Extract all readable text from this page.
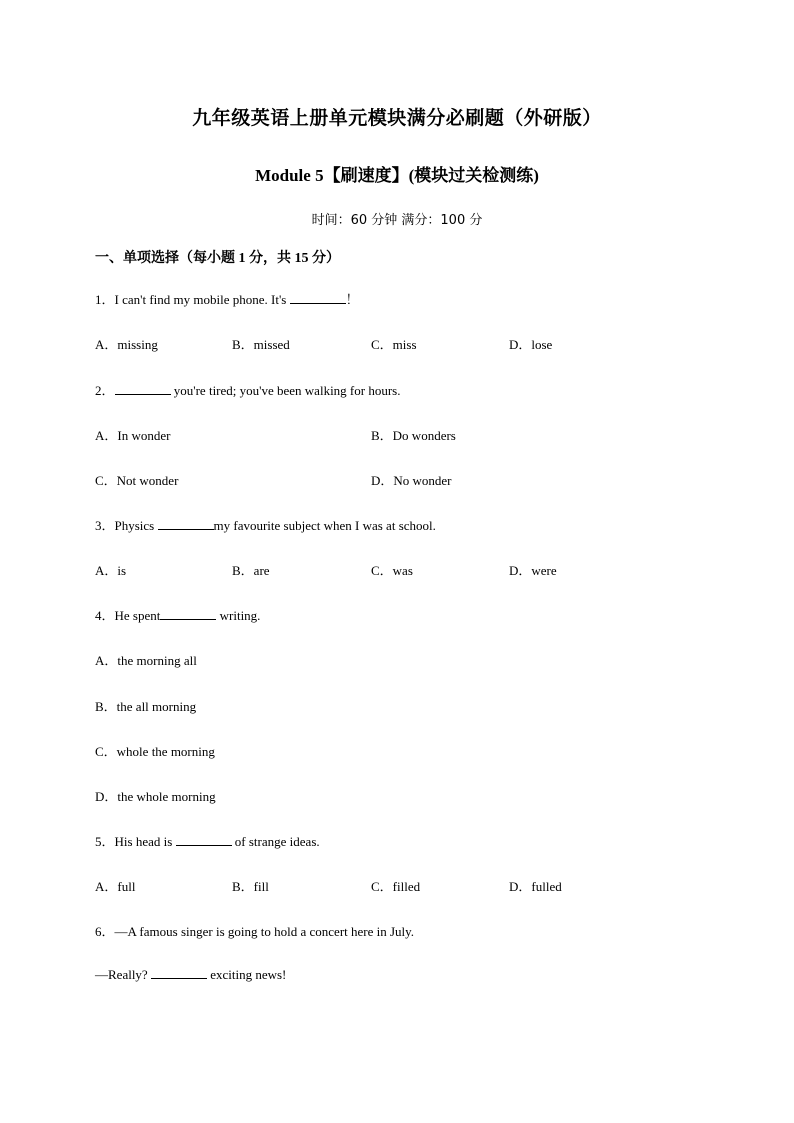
九年级英语上册单元模块满分必刷题（外研版）
Module 5【刷速度】(模块过关检测练)
时间：60 分钟 满分：100 分
一、单项选择（每小题 1 分，共 15 分）
1．I can't find my mobile phone. It's	！
A．missing	B．missed	C．miss	D．lose
2．	you're tired; you've been walking for hours.
A．In wonder	B．Do wonders
C．Not wonder	D．No wonder
3．Physics	my favourite subject when I was at school.
A．is	B．are	C．was	D．were
4．He spent	writing.
A．the morning all
B．the all morning
C．whole the morning
D．the whole morning
5．His head is	of strange ideas.
A．full	B．fill	C．filled	D．fulled
6．—A famous singer is going to hold a concert here in July.
—Really?	exciting news!
